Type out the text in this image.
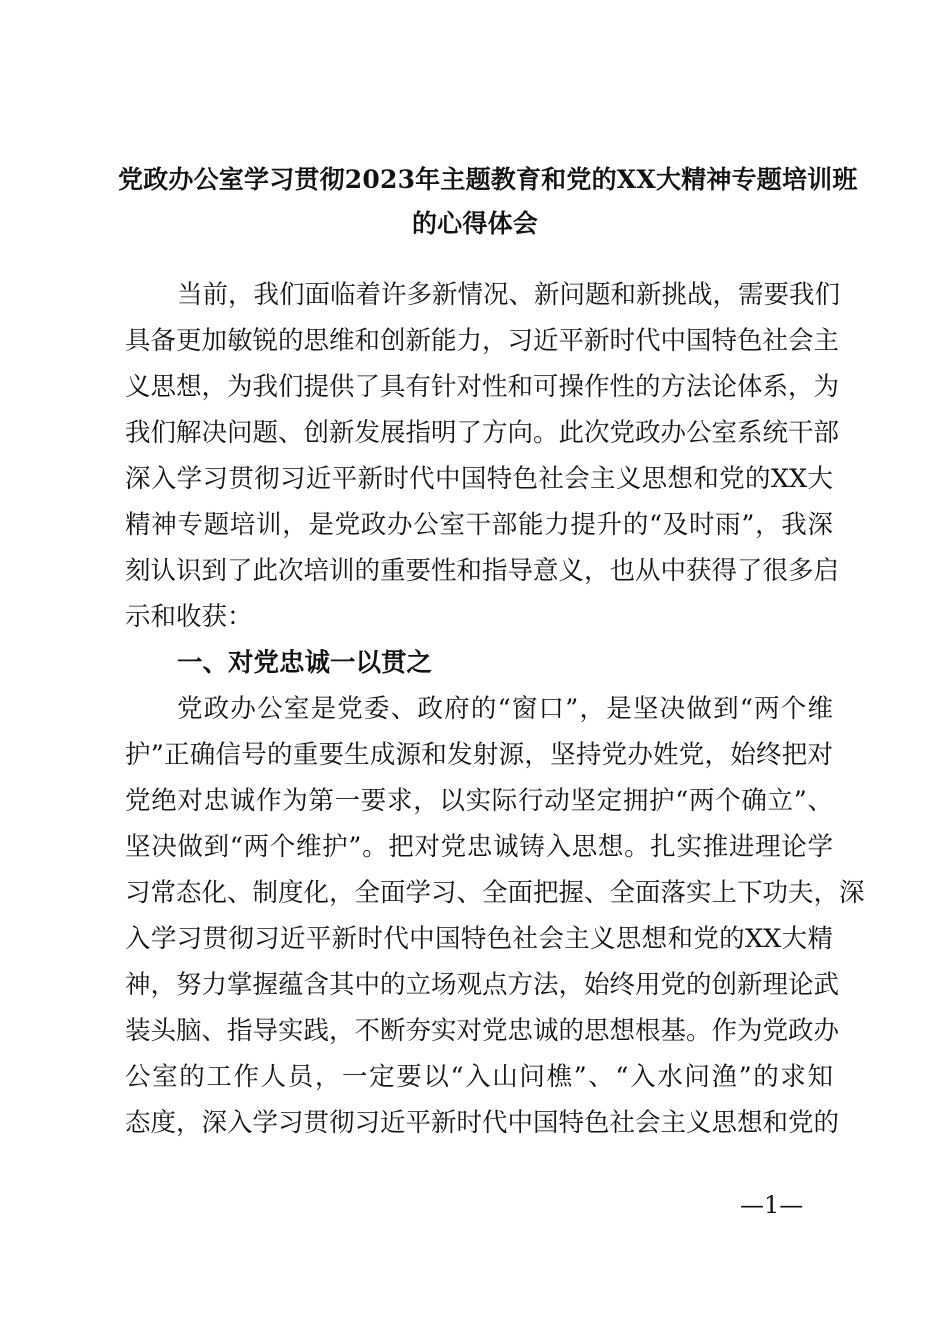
党政办公室学习贯彻2023年主题教育和党的XX大精神专题培训班
的心得体会
当前，我们面临着许多新情况、新问题和新挑战，需要我们
具备更加敏锐的思维和创新能力，习近平新时代中国特色社会主
义思想，为我们提供了具有针对性和可操作性的方法论体系，为
我们解决问题、创新发展指明了方向。此次党政办公室系统干部
深入学习贯彻习近平新时代中国特色社会主义思想和党的XX大
精神专题培训，是党政办公室干部能力提升的“及时雨”，我深
刻认识到了此次培训的重要性和指导意义，也从中获得了很多启
示和收获：
一、对党忠诚一以贯之
党政办公室是党委、政府的“窗口”，是坚决做到“两个维
护”正确信号的重要生成源和发射源，坚持党办姓党，始终把对
党绝对忠诚作为第一要求，以实际行动坚定拥护“两个确立”、
坚决做到“两个维护”。把对党忠诚铸入思想。扎实推进理论学
习常态化、制度化，全面学习、全面把握、全面落实上下功夫，深
入学习贯彻习近平新时代中国特色社会主义思想和党的XX大精
神，努力掌握蕴含其中的立场观点方法，始终用党的创新理论武
装头脑、指导实践，不断夯实对党忠诚的思想根基。作为党政办
公室的工作人员，一定要以“入山问樵”、“入水问渔”的求知
态度，深入学习贯彻习近平新时代中国特色社会主义思想和党的
—1—
